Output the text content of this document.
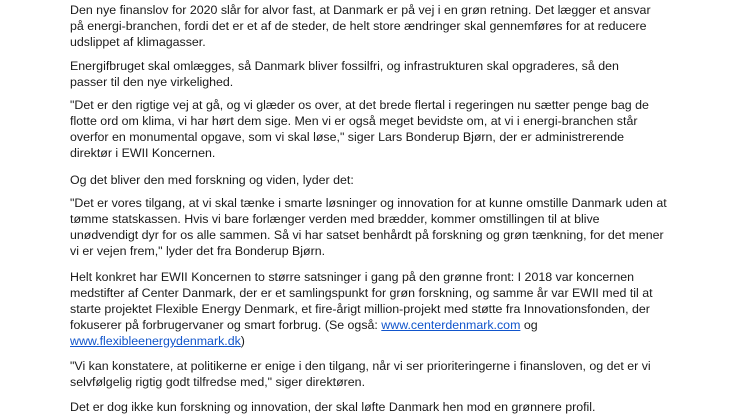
Den nye finanslov for 2020 slår for alvor fast, at Danmark er på vej i en grøn retning. Det lægger et ansvar
på energi-branchen, fordi det er et af de steder, de helt store ændringer skal gennemføres for at reducere
udslippet af klimagasser.

Energifbruget skal omlægges, så Danmark bliver fossilfri, og infrastrukturen skal opgraderes, så den
passer til den nye virkelighed.

"Det er den rigtige vej at gå, og vi glæder os over, at det brede flertal i regeringen nu sætter penge bag de
flotte ord om klima, vi har hørt dem sige. Men vi er også meget bevidste om, at vi i energi-branchen står
overfor en monumental opgave, som vi skal løse," siger Lars Bonderup Bjørn, der er administrerende
direktør i EWII Koncernen.

Og det bliver den med forskning og viden, lyder det:

"Det er vores tilgang, at vi skal tænke i smarte løsninger og innovation for at kunne omstille Danmark uden at
tømme statskassen. Hvis vi bare forlænger verden med brædder, kommer omstillingen til at blive
unødvendigt dyr for os alle sammen. Så vi har satset benhårdt på forskning og grøn tænkning, for det mener
vi er vejen frem," lyder det fra Bonderup Bjørn.

Helt konkret har EWII Koncernen to større satsninger i gang på den grønne front: I 2018 var koncernen
medstifter af Center Danmark, der er et samlingspunkt for grøn forskning, og samme år var EWII med til at
starte projektet Flexible Energy Denmark, et fire-årigt million-projekt med støtte fra Innovationsfonden, der
fokuserer på forbrugervaner og smart forbrug. (Se også: www.centerdenmark.com og
www.flexibleenergydenmark.dk)

"Vi kan konstatere, at politikerne er enige i den tilgang, når vi ser prioriteringerne i finansloven, og det er vi
selvfølgelig rigtig godt tilfredse med," siger direktøren.

Det er dog ikke kun forskning og innovation, der skal løfte Danmark hen mod en grønnere profil.
